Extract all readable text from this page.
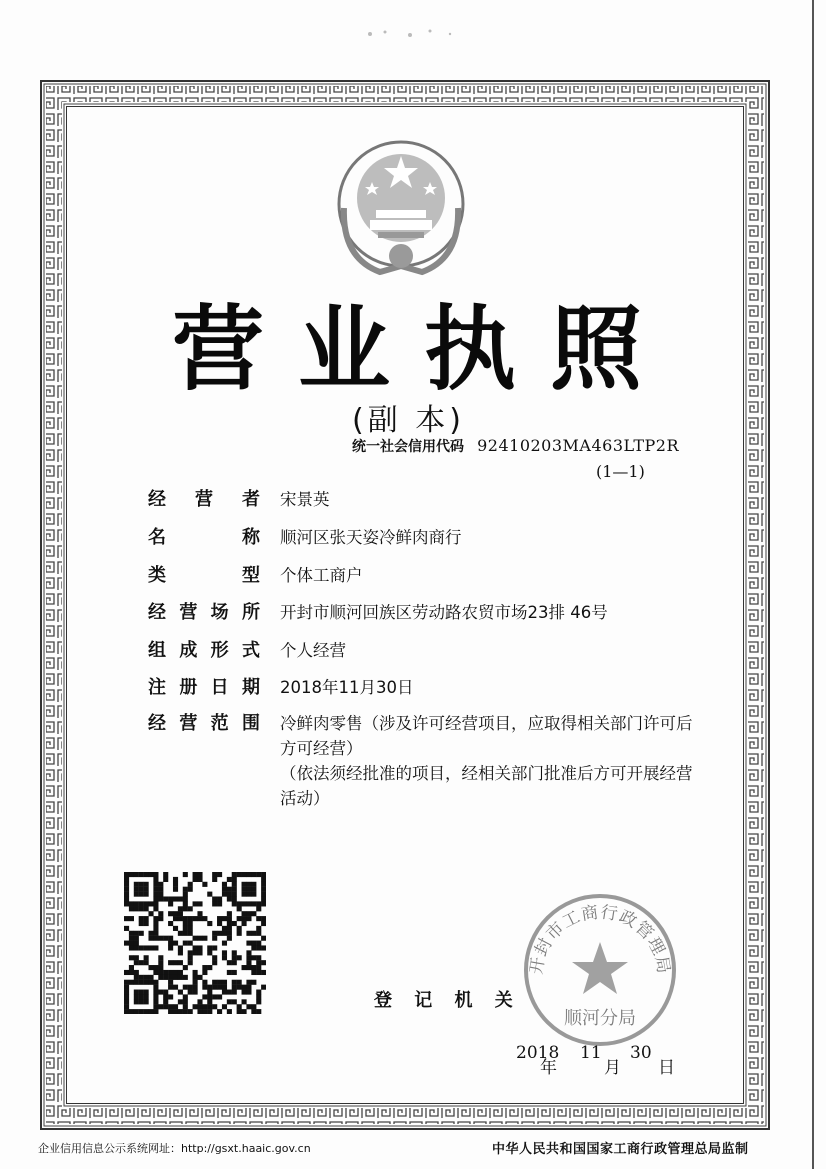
营业执照
(副 本)
统一社会信用代码 92410203MA463LTP2R
(1—1)
经 营 者 宋景英
名	称 顺河区张天姿冷鲜肉商行
类	型 个体工商户
经 营 场 所 开封市顺河回族区劳动路农贸市场23排 46号
组 成 形 式 个人经营
注 册 日 期 2018年11月30日
经 营 范 围 冷鲜肉零售（涉及许可经营项目，应取得相关部门许可后

方可经营）

（依法须经批准的项目，经相关部门批准后方可开展经营

活动）

登 记 机 关
开封市工商行政管理局
顺河分局
2018 11 30
年	月 日
企业信用信息公示系统网址：http://gsxt.haaic.gov.cn	中华人民共和国国家工商行政管理总局监制
